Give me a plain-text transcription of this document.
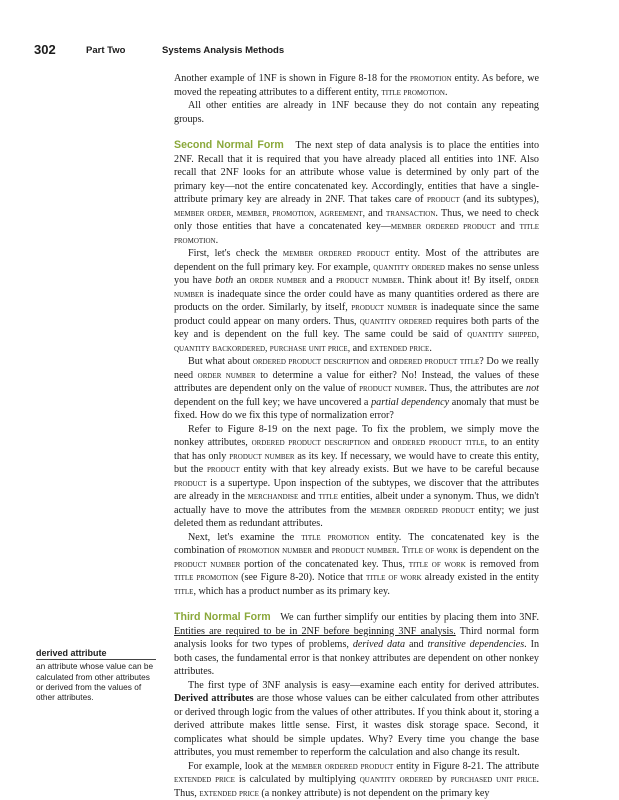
302	Part Two	Systems Analysis Methods

Another example of 1NF is shown in Figure 8-18 for the promotion entity. As before, we moved the repeating attributes to a different entity, title promotion.

All other entities are already in 1NF because they do not contain any repeating groups.

Second Normal Form The next step of data analysis is to place the entities into 2NF. Recall that it is required that you have already placed all entities into 1NF. Also recall that 2NF looks for an attribute whose value is determined by only part of the primary key—not the entire concatenated key. Accordingly, entities that have a single-attribute primary key are already in 2NF. That takes care of product (and its subtypes), member order, member, promotion, agreement, and transaction. Thus, we need to check only those entities that have a concatenated key—member ordered product and title promotion.

First, let's check the member ordered product entity. Most of the attributes are dependent on the full primary key. For example, quantity ordered makes no sense unless you have both an order number and a product number. Think about it! By itself, order number is inadequate since the order could have as many quantities ordered as there are products on the order. Similarly, by itself, product number is inadequate since the same product could appear on many orders. Thus, quantity ordered requires both parts of the key and is dependent on the full key. The same could be said of quantity shipped, quantity backordered, purchase unit price, and extended price.

But what about ordered product description and ordered product title? Do we really need order number to determine a value for either? No! Instead, the values of these attributes are dependent only on the value of product number. Thus, the attributes are not dependent on the full key; we have uncovered a partial dependency anomaly that must be fixed. How do we fix this type of normalization error?

Refer to Figure 8-19 on the next page. To fix the problem, we simply move the nonkey attributes, ordered product description and ordered product title, to an entity that has only product number as its key. If necessary, we would have to create this entity, but the product entity with that key already exists. But we have to be careful because product is a supertype. Upon inspection of the subtypes, we discover that the attributes are already in the merchandise and title entities, albeit under a synonym. Thus, we didn't actually have to move the attributes from the member ordered product entity; we just deleted them as redundant attributes.

Next, let's examine the title promotion entity. The concatenated key is the combination of promotion number and product number. Title of work is dependent on the product number portion of the concatenated key. Thus, title of work is removed from title promotion (see Figure 8-20). Notice that title of work already existed in the entity title, which has a product number as its primary key.

Third Normal Form We can further simplify our entities by placing them into 3NF. Entities are required to be in 2NF before beginning 3NF analysis. Third normal form analysis looks for two types of problems, derived data and transitive dependencies. In both cases, the fundamental error is that nonkey attributes are dependent on other nonkey attributes.

The first type of 3NF analysis is easy—examine each entity for derived attributes. Derived attributes are those whose values can be either calculated from other attributes or derived through logic from the values of other attributes. If you think about it, storing a derived attribute makes little sense. First, it wastes disk storage space. Second, it complicates what should be simple updates. Why? Every time you change the base attributes, you must remember to reperform the calculation and also change its result.

For example, look at the member ordered product entity in Figure 8-21. The attribute extended price is calculated by multiplying quantity ordered by purchased unit price. Thus, extended price (a nonkey attribute) is not dependent on the primary key

derived attribute
an attribute whose value can be calculated from other attributes or derived from the values of other attributes.
